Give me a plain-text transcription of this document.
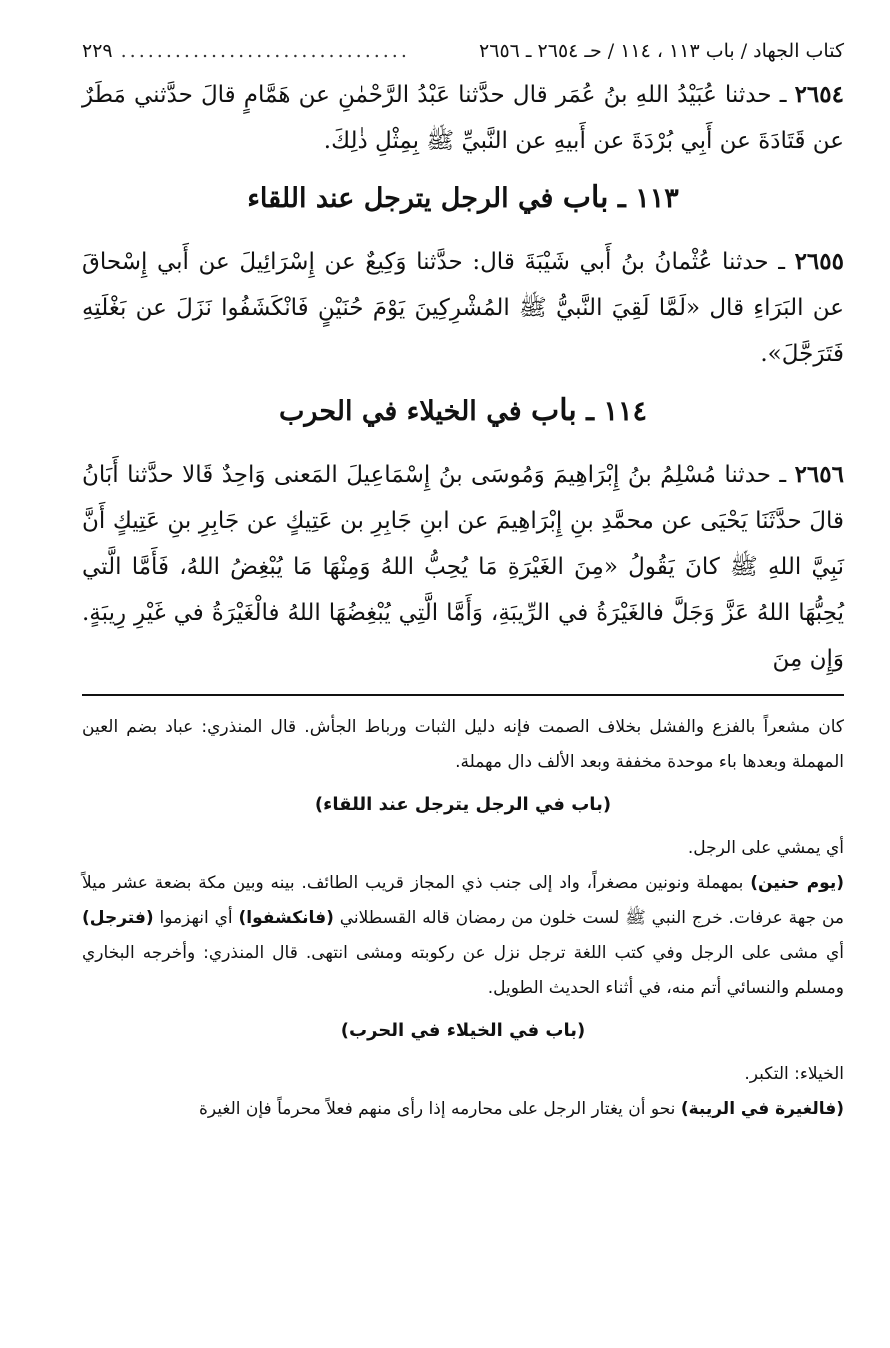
كتاب الجهاد / باب ١١٣ ، ١١٤ / حـ ٢٦٥٤ ـ ٢٦٥٦
................................
٢٢٩

٢٦٥٤ ـ حدثنا عُبَيْدُ اللهِ بنُ عُمَر قال حدَّثنا عَبْدُ الرَّحْمٰنِ عن هَمَّامٍ قالَ حدَّثني مَطَرٌ عن قَتَادَةَ عن أَبِي بُرْدَةَ عن أَبيهِ عن النَّبيِّ ﷺ بِمِثْلِ ذٰلِكَ.

١١٣ ـ باب في الرجل يترجل عند اللقاء

٢٦٥٥ ـ حدثنا عُثْمانُ بنُ أَبي شَيْبَةَ قال: حدَّثنا وَكِيعٌ عن إِسْرَائِيلَ عن أَبي إِسْحاقَ عن البَرَاءِ قال «لَمَّا لَقِيَ النَّبيُّ ﷺ المُشْرِكِينَ يَوْمَ حُنَيْنٍ فَانْكَشَفُوا نَزَلَ عن بَغْلَتِهِ فَتَرَجَّلَ».

١١٤ ـ باب في الخيلاء في الحرب

٢٦٥٦ ـ حدثنا مُسْلِمُ بنُ إِبْرَاهِيمَ وَمُوسَى بنُ إِسْمَاعِيلَ المَعنى وَاحِدٌ قَالا حدَّثنا أَبَانُ قالَ حدَّثَنَا يَحْيَى عن محمَّدِ بنِ إِبْرَاهِيمَ عن ابنِ جَابِرِ بن عَتِيكٍ عن جَابِرِ بنِ عَتِيكٍ أَنَّ نَبِيَّ اللهِ ﷺ كانَ يَقُولُ «مِنَ الغَيْرَةِ مَا يُحِبُّ اللهُ وَمِنْهَا مَا يُبْغِضُ اللهُ، فَأَمَّا الَّتي يُحِبُّهَا اللهُ عَزَّ وَجَلَّ فالغَيْرَةُ في الرِّيبَةِ، وَأَمَّا الَّتِي يُبْغِضُهَا اللهُ فالْغَيْرَةُ في غَيْرِ رِيبَةٍ. وَإِن مِنَ

كان مشعراً بالفزع والفشل بخلاف الصمت فإنه دليل الثبات ورباط الجأش. قال المنذري: عباد بضم العين المهملة وبعدها باء موحدة مخففة وبعد الألف دال مهملة.

(باب في الرجل يترجل عند اللقاء)

أي يمشي على الرجل.

(يوم حنين) بمهملة ونونين مصغراً، واد إلى جنب ذي المجاز قريب الطائف. بينه وبين مكة بضعة عشر ميلاً من جهة عرفات. خرج النبي ﷺ لست خلون من رمضان قاله القسطلاني (فانكشفوا) أي انهزموا (فترجل) أي مشى على الرجل وفي كتب اللغة ترجل نزل عن ركوبته ومشى انتهى. قال المنذري: وأخرجه البخاري ومسلم والنسائي أتم منه، في أثناء الحديث الطويل.

(باب في الخيلاء في الحرب)

الخيلاء: التكبر.

(فالغيرة في الريبة) نحو أن يغتار الرجل على محارمه إذا رأى منهم فعلاً محرماً فإن الغيرة
